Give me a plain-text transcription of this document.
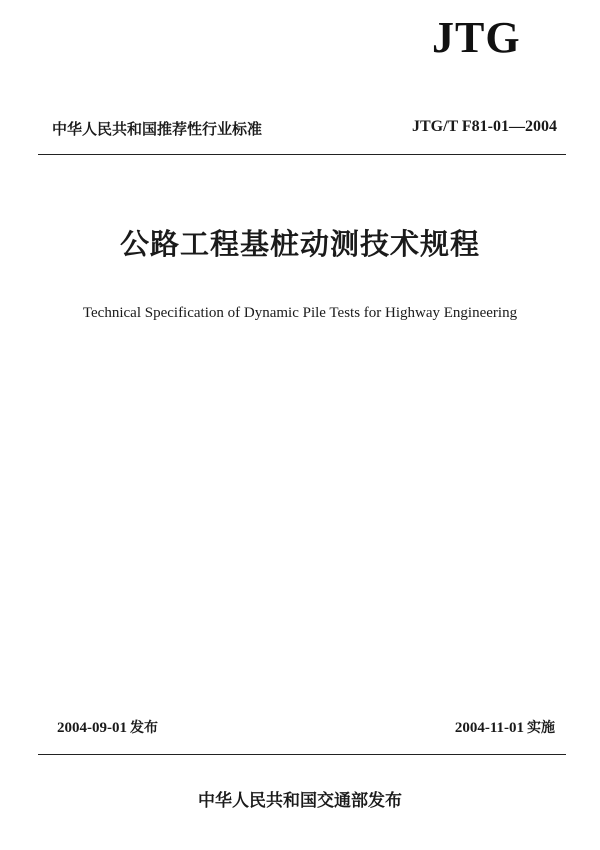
JTG
中华人民共和国推荐性行业标准	JTG/T F81-01—2004
公路工程基桩动测技术规程
Technical Specification of Dynamic Pile Tests for Highway Engineering
2004-09-01 发布	2004-11-01 实施
中华人民共和国交通部发布
